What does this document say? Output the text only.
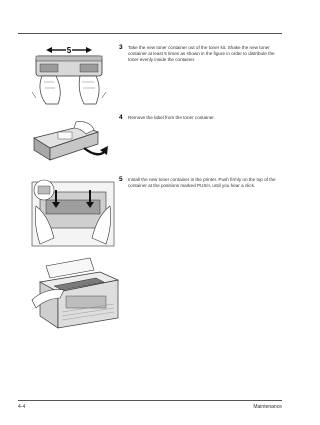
3	Take the new toner container out of the toner kit. Shake the new toner container at least 5 times as shown in the figure in order to distribute the toner evenly inside the container.
5
4	Remove the label from the toner container.
5	Install the new toner container in the printer. Push firmly on the top of the container at the positions marked PUSH, until you hear a click.
4-4	Maintenance
